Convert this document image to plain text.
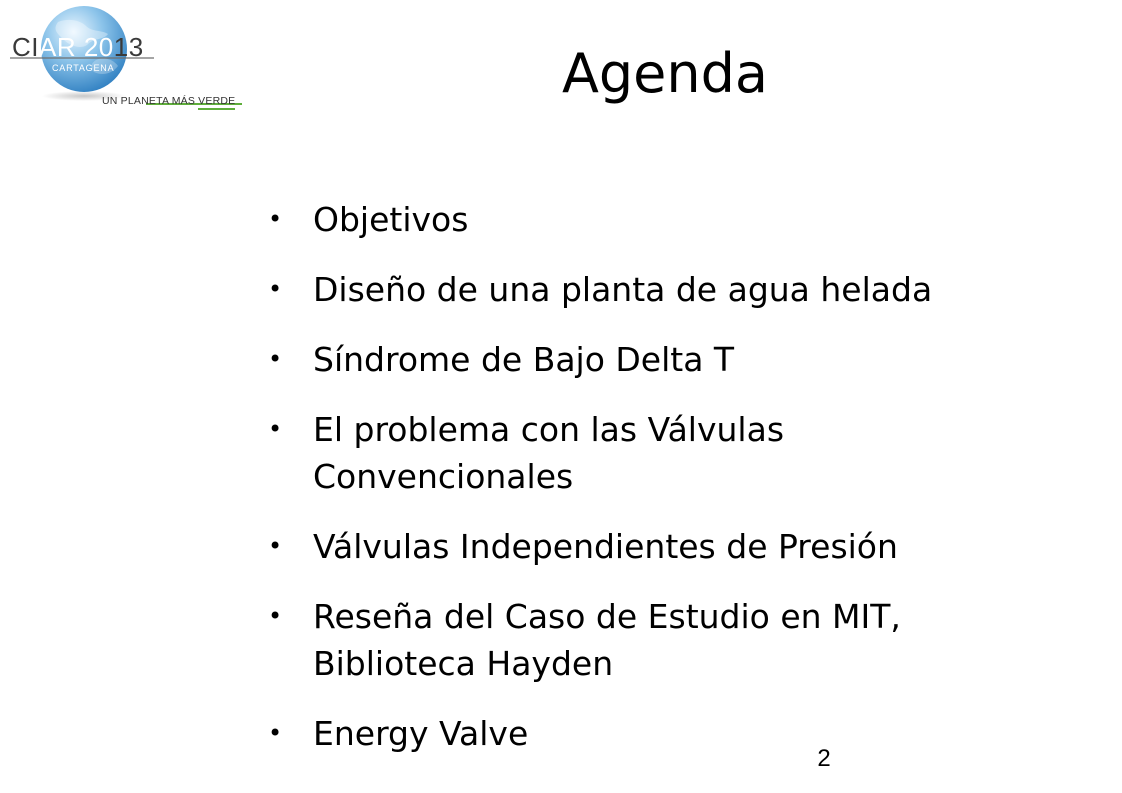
CIAR 2013
CARTAGENA
UN PLANETA MÁS VERDE	Agenda
• Objetivos
• Diseño de una planta de agua helada
• Síndrome de Bajo Delta T
• El problema con las Válvulas
Convencionales
• Válvulas Independientes de Presión
• Reseña del Caso de Estudio en MIT,
Biblioteca Hayden
• Energy Valve
2
